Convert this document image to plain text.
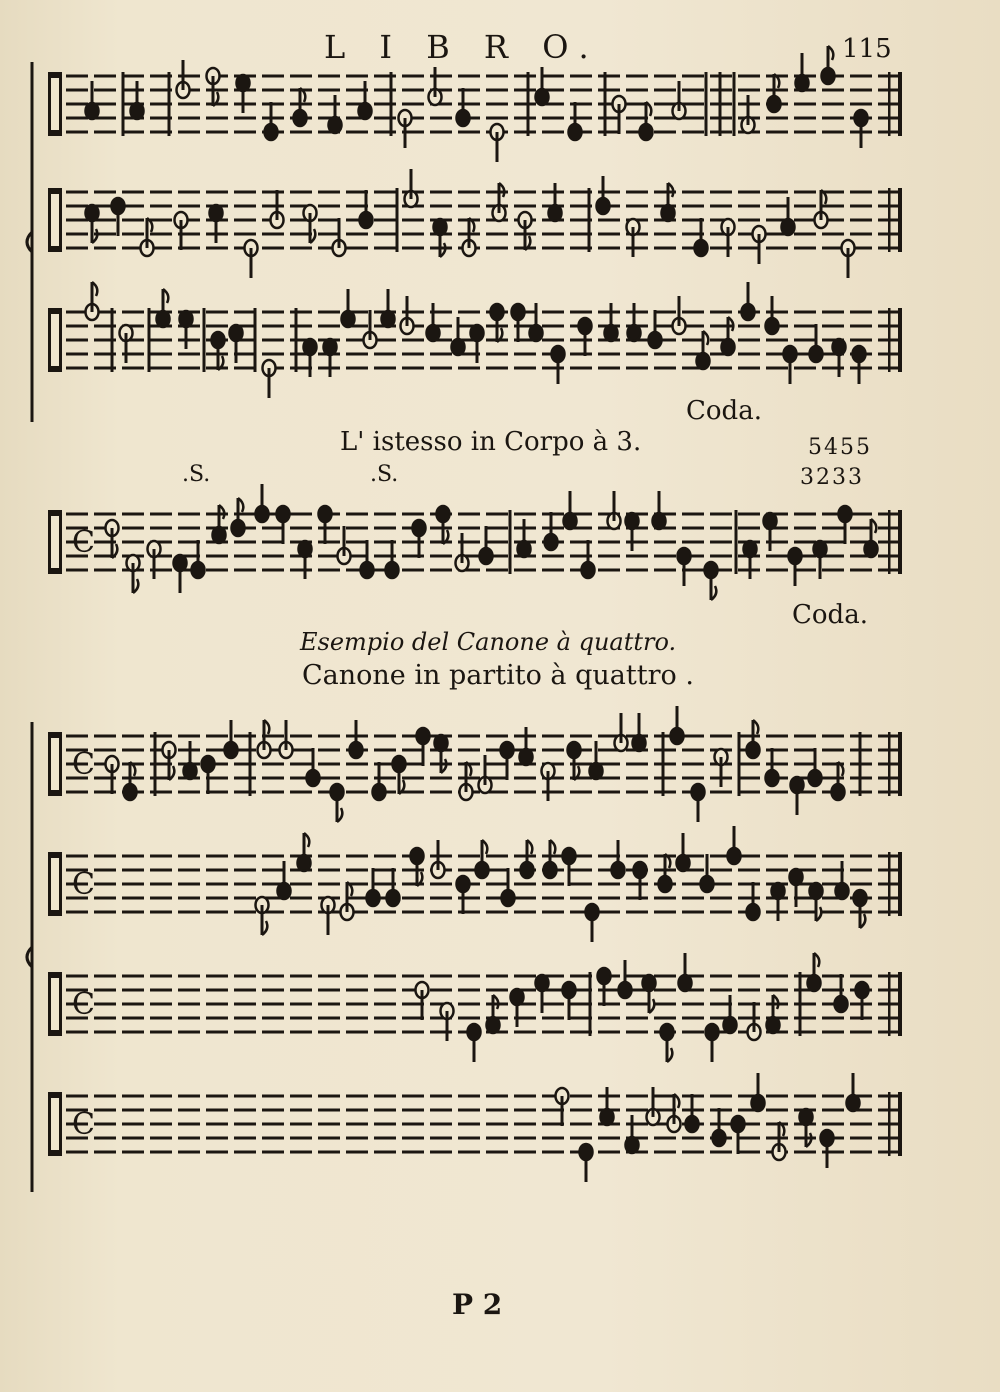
L I B R O.	115
Coda.
L' istesso in Corpo à 3.	5455
3233
.S.	.S.
C
Coda.
Esempio del Canone à quattro.
Canone in partito à quattro .
C
C
C
C
P 2
